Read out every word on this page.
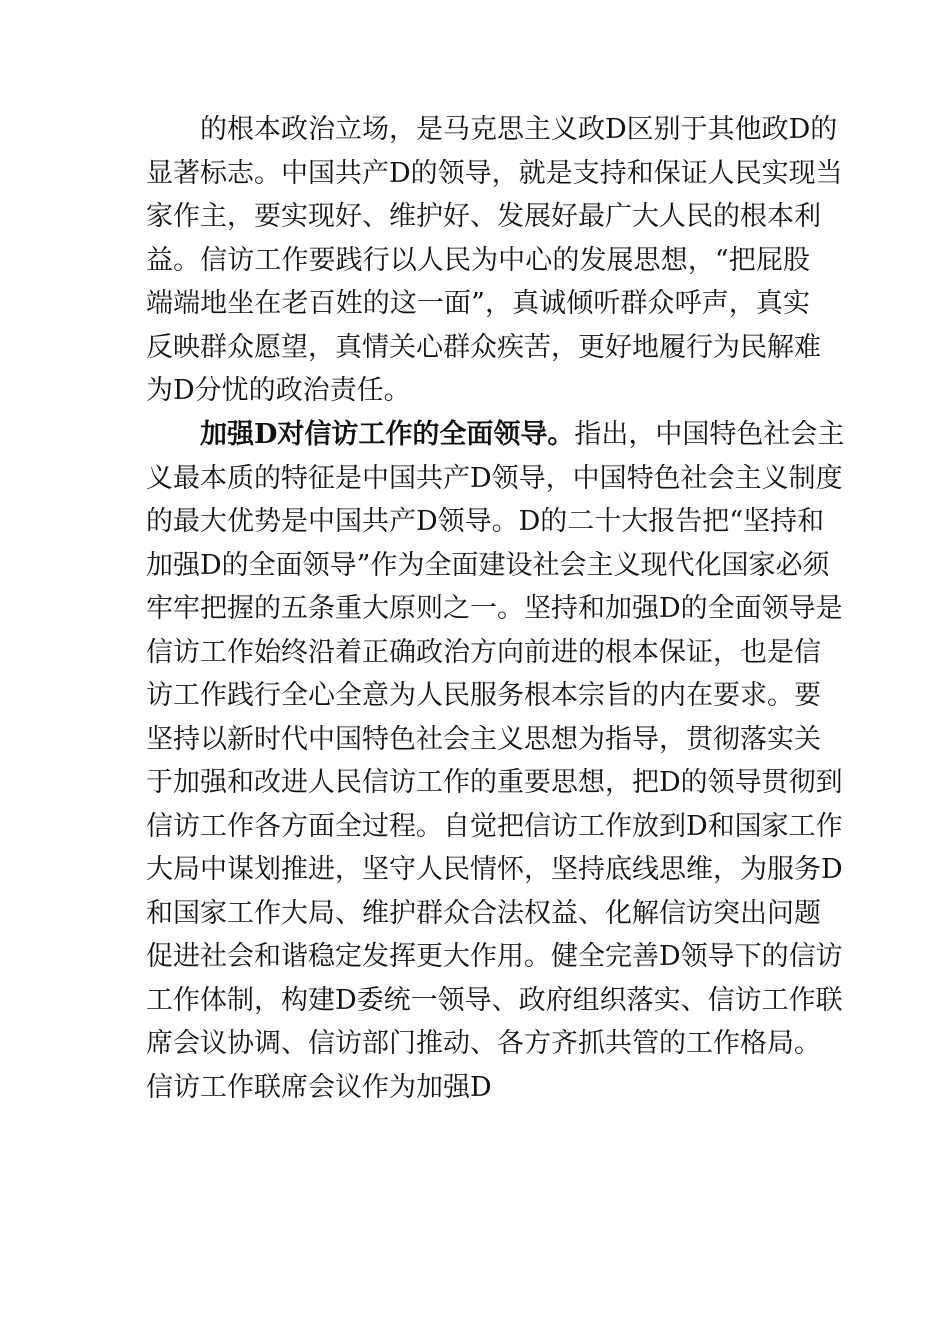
的根本政治立场，是马克思主义政D区别于其他政D的
显著标志。中国共产D的领导，就是支持和保证人民实现当
家作主，要实现好、维护好、发展好最广大人民的根本利
益。信访工作要践行以人民为中心的发展思想，“把屁股
端端地坐在老百姓的这一面”，真诚倾听群众呼声，真实
反映群众愿望，真情关心群众疾苦，更好地履行为民解难
为D分忧的政治责任。
加强D对信访工作的全面领导。指出，中国特色社会主
义最本质的特征是中国共产D领导，中国特色社会主义制度
的最大优势是中国共产D领导。D的二十大报告把“坚持和
加强D的全面领导”作为全面建设社会主义现代化国家必须
牢牢把握的五条重大原则之一。坚持和加强D的全面领导是
信访工作始终沿着正确政治方向前进的根本保证，也是信
访工作践行全心全意为人民服务根本宗旨的内在要求。要
坚持以新时代中国特色社会主义思想为指导，贯彻落实关
于加强和改进人民信访工作的重要思想，把D的领导贯彻到
信访工作各方面全过程。自觉把信访工作放到D和国家工作
大局中谋划推进，坚守人民情怀，坚持底线思维，为服务D
和国家工作大局、维护群众合法权益、化解信访突出问题
促进社会和谐稳定发挥更大作用。健全完善D领导下的信访
工作体制，构建D委统一领导、政府组织落实、信访工作联
席会议协调、信访部门推动、各方齐抓共管的工作格局。
信访工作联席会议作为加强D
